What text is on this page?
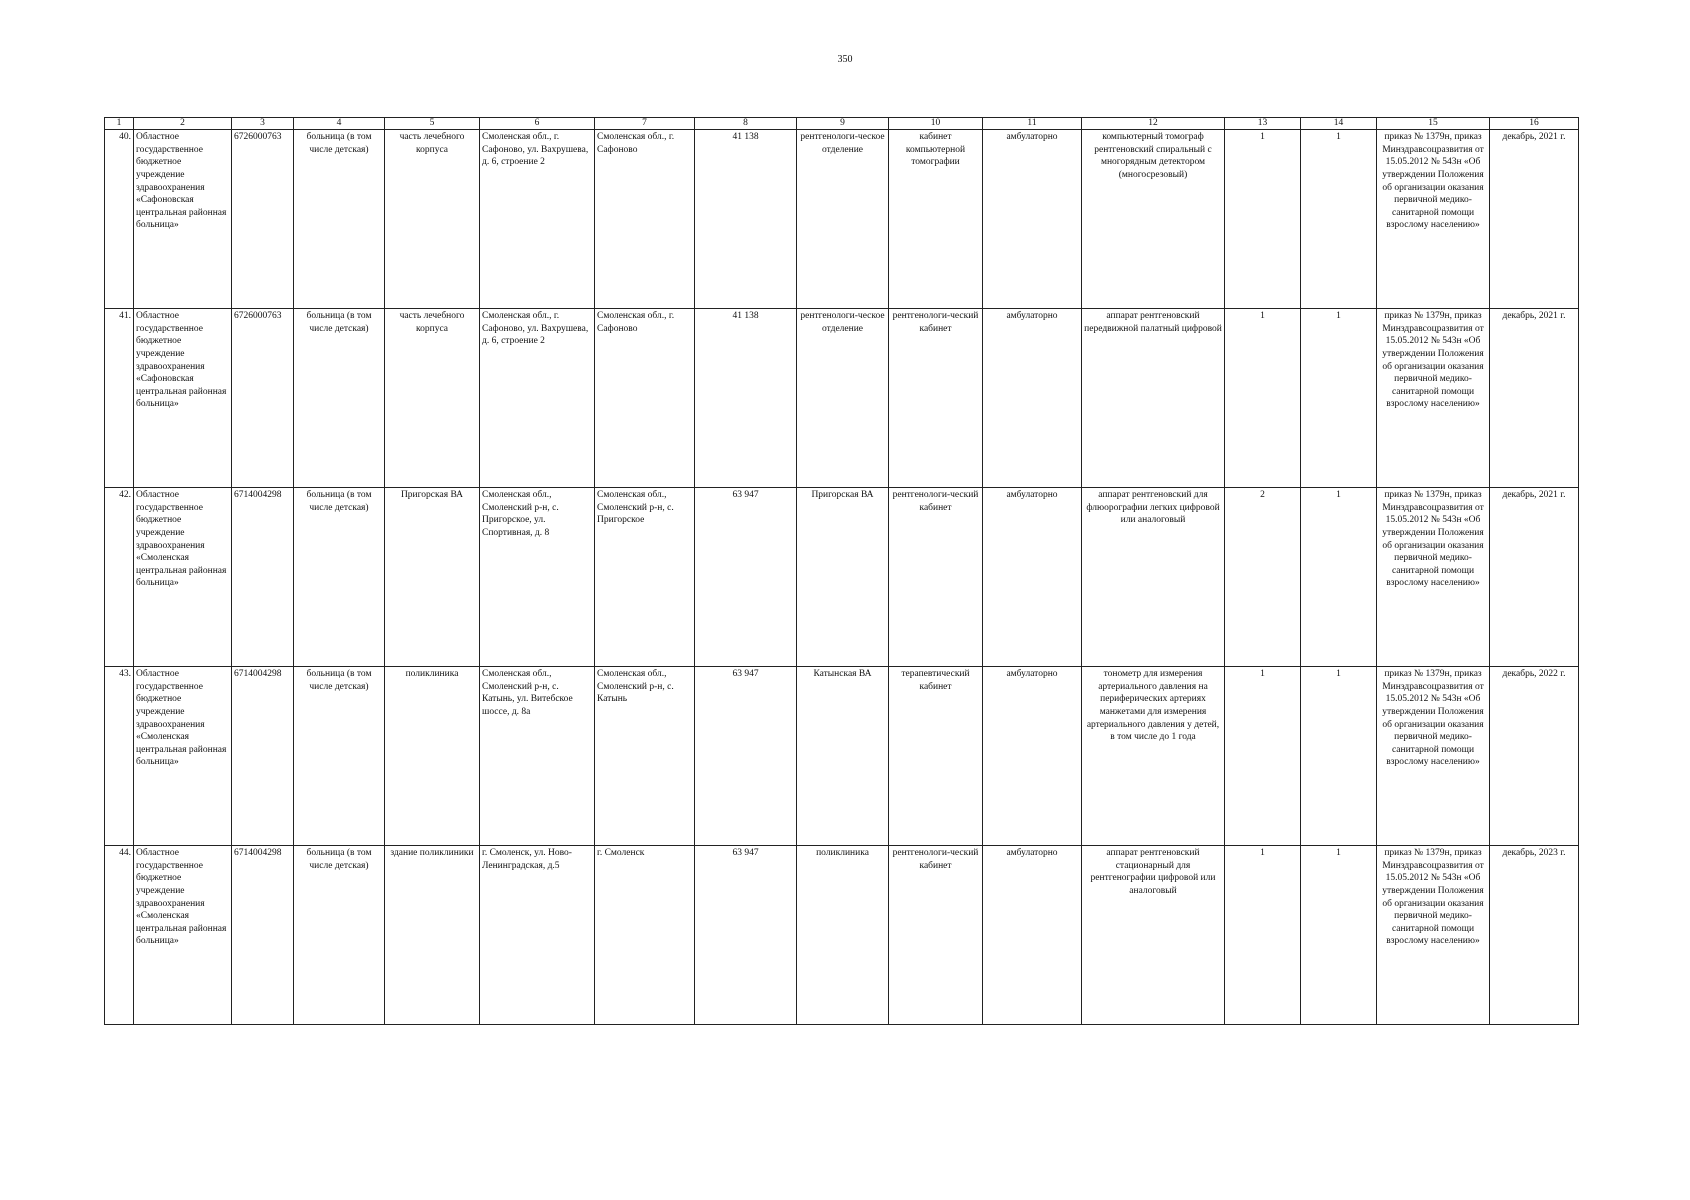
350
1	2	3	4	5	6	7	8	9	10	11	12	13	14	15	16
40.	Областное государственное бюджетное учреждение здравоохранения «Сафоновская центральная районная больница»	6726000763	больница (в том числе детская)	часть лечебного корпуса	Смоленская обл., г. Сафоново, ул. Вахрушева, д. 6, строение 2	Смоленская обл., г. Сафоново	41 138	рентгенологи-ческое отделение	кабинет компьютерной томографии	амбулаторно	компьютерный томограф рентгеновский спиральный с многорядным детектором (многосрезовый)	1	1	приказ № 1379н, приказ Минздравсоцразвития от 15.05.2012 № 543н «Об утверждении Положения об организации оказания первичной медико-санитарной помощи взрослому населению»	декабрь, 2021 г.
41.	Областное государственное бюджетное учреждение здравоохранения «Сафоновская центральная районная больница»	6726000763	больница (в том числе детская)	часть лечебного корпуса	Смоленская обл., г. Сафоново, ул. Вахрушева, д. 6, строение 2	Смоленская обл., г. Сафоново	41 138	рентгенологи-ческое отделение	рентгенологи-ческий кабинет	амбулаторно	аппарат рентгеновский передвижной палатный цифровой	1	1	приказ № 1379н, приказ Минздравсоцразвития от 15.05.2012 № 543н «Об утверждении Положения об организации оказания первичной медико-санитарной помощи взрослому населению»	декабрь, 2021 г.
42.	Областное государственное бюджетное учреждение здравоохранения «Смоленская центральная районная больница»	6714004298	больница (в том числе детская)	Пригорская ВА	Смоленская обл., Смоленский р-н, с. Пригорское, ул. Спортивная, д. 8	Смоленская обл., Смоленский р-н, с. Пригорское	63 947	Пригорская ВА	рентгенологи-ческий кабинет	амбулаторно	аппарат рентгеновский для флюорографии легких цифровой или аналоговый	2	1	приказ № 1379н, приказ Минздравсоцразвития от 15.05.2012 № 543н «Об утверждении Положения об организации оказания первичной медико-санитарной помощи взрослому населению»	декабрь, 2021 г.
43.	Областное государственное бюджетное учреждение здравоохранения «Смоленская центральная районная больница»	6714004298	больница (в том числе детская)	поликлиника	Смоленская обл., Смоленский р-н, с. Катынь, ул. Витебское шоссе, д. 8а	Смоленская обл., Смоленский р-н, с. Катынь	63 947	Катынская ВА	терапевтический кабинет	амбулаторно	тонометр для измерения артериального давления на периферических артериях манжетами для измерения артериального давления у детей, в том числе до 1 года	1	1	приказ № 1379н, приказ Минздравсоцразвития от 15.05.2012 № 543н «Об утверждении Положения об организации оказания первичной медико-санитарной помощи взрослому населению»	декабрь, 2022 г.
44.	Областное государственное бюджетное учреждение здравоохранения «Смоленская центральная районная больница»	6714004298	больница (в том числе детская)	здание поликлиники	г. Смоленск, ул. Ново-Ленинградская, д.5	г. Смоленск	63 947	поликлиника	рентгенологи-ческий кабинет	амбулаторно	аппарат рентгеновский стационарный для рентгенографии цифровой или аналоговый	1	1	приказ № 1379н, приказ Минздравсоцразвития от 15.05.2012 № 543н «Об утверждении Положения об организации оказания первичной медико-санитарной помощи взрослому населению»	декабрь, 2023 г.
